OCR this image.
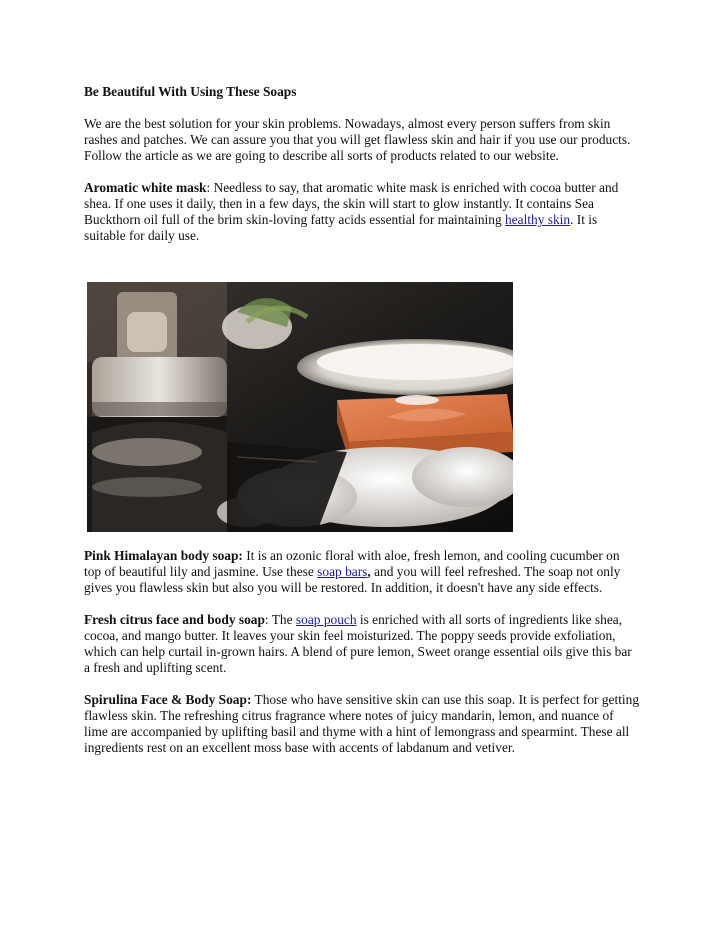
Be Beautiful With Using These Soaps

We are the best solution for your skin problems. Nowadays, almost every person suffers from skin rashes and patches. We can assure you that you will get flawless skin and hair if you use our products. Follow the article as we are going to describe all sorts of products related to our website.

Aromatic white mask: Needless to say, that aromatic white mask is enriched with cocoa butter and shea. If one uses it daily, then in a few days, the skin will start to glow instantly. It contains Sea Buckthorn oil full of the brim skin-loving fatty acids essential for maintaining healthy skin. It is suitable for daily use.

Pink Himalayan body soap: It is an ozonic floral with aloe, fresh lemon, and cooling cucumber on top of beautiful lily and jasmine. Use these soap bars, and you will feel refreshed. The soap not only gives you flawless skin but also you will be restored. In addition, it doesn't have any side effects.

Fresh citrus face and body soap: The soap pouch is enriched with all sorts of ingredients like shea, cocoa, and mango butter. It leaves your skin feel moisturized. The poppy seeds provide exfoliation, which can help curtail in-grown hairs. A blend of pure lemon, Sweet orange essential oils give this bar a fresh and uplifting scent.

Spirulina Face & Body Soap: Those who have sensitive skin can use this soap. It is perfect for getting flawless skin. The refreshing citrus fragrance where notes of juicy mandarin, lemon, and nuance of lime are accompanied by uplifting basil and thyme with a hint of lemongrass and spearmint. These all ingredients rest on an excellent moss base with accents of labdanum and vetiver.
